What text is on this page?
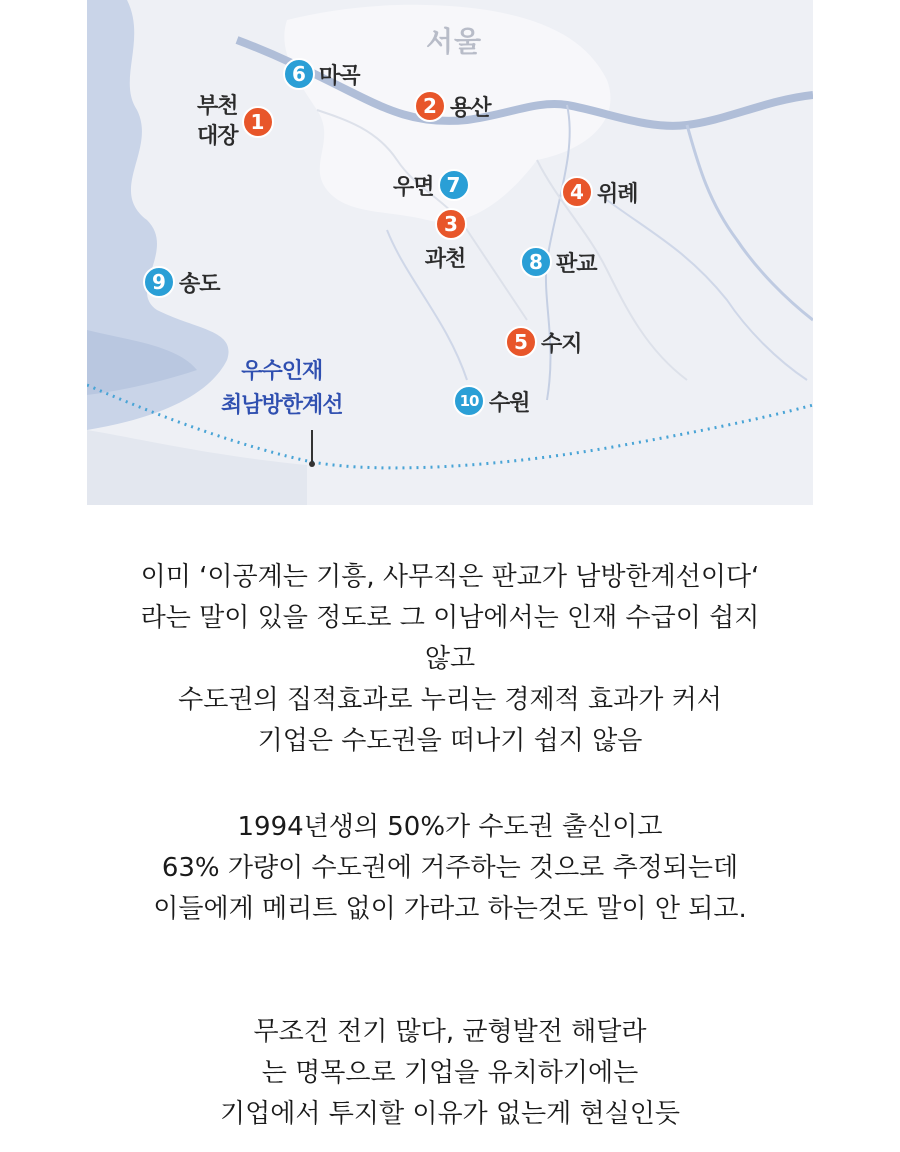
서울
부천
대장
1
2 용산
3
과천
4 위례
5 수지
6 마곡
우면 7
8 판교
9 송도
10 수원
우수인재
최남방한계선

이미 ‘이공계는 기흥, 사무직은 판교가 남방한계선이다‘

라는 말이 있을 정도로 그 이남에서는 인재 수급이 쉽지

않고

수도권의 집적효과로 누리는 경제적 효과가 커서

기업은 수도권을 떠나기 쉽지 않음

1994년생의 50%가 수도권 출신이고

63% 가량이 수도권에 거주하는 것으로 추정되는데

이들에게 메리트 없이 가라고 하는것도 말이 안 되고.

무조건 전기 많다, 균형발전 해달라

는 명목으로 기업을 유치하기에는

기업에서 투지할 이유가 없는게 현실인듯
